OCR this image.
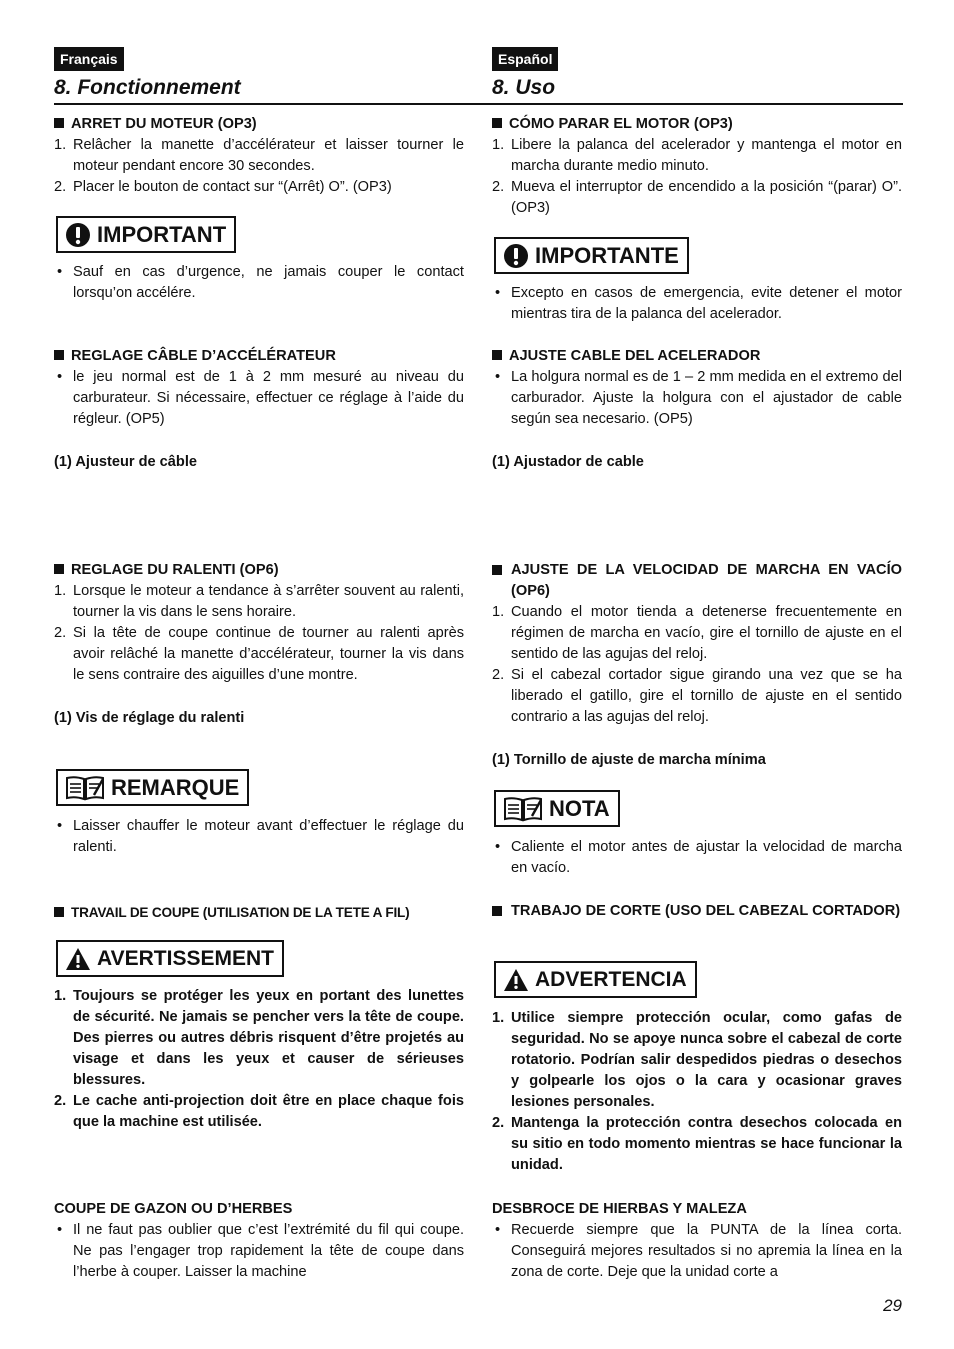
Français
8. Fonctionnement
ARRET DU MOTEUR (OP3)
1. Relâcher la manette d’accélérateur et laisser tourner le moteur pendant encore 30 secondes.
2. Placer le bouton de contact sur “(Arrêt) O”. (OP3)
IMPORTANT
• Sauf en cas d’urgence, ne jamais couper le contact lorsqu’on accélére.
REGLAGE CÂBLE D’ACCÉLÉRATEUR
• le jeu normal est de 1 à 2 mm mesuré au niveau du carburateur. Si nécessaire, effectuer ce réglage à l’aide du régleur. (OP5)
(1) Ajusteur de câble
REGLAGE DU RALENTI (OP6)
1. Lorsque le moteur a tendance à s’arrêter souvent au ralenti, tourner la vis dans le sens horaire.
2. Si la tête de coupe continue de tourner au ralenti après avoir relâché la manette d’accélérateur, tourner la vis dans le sens contraire des aiguilles d’une montre.
(1) Vis de réglage du ralenti
REMARQUE
• Laisser chauffer le moteur avant d’effectuer le réglage du ralenti.
TRAVAIL DE COUPE (UTILISATION DE LA TETE A FIL)
AVERTISSEMENT
1. Toujours se protéger les yeux en portant des lunettes de sécurité. Ne jamais se pencher vers la tête de coupe. Des pierres ou autres débris risquent d’être projetés au visage et dans les yeux et causer de sérieuses blessures.
2. Le cache anti-projection doit être en place chaque fois que la machine est utilisée.
COUPE DE GAZON OU D’HERBES
• Il ne faut pas oublier que c’est l’extrémité du fil qui coupe. Ne pas l’engager trop rapidement la tête de coupe dans l’herbe à couper. Laisser la machine
Español
8. Uso
CÓMO PARAR EL MOTOR (OP3)
1. Libere la palanca del acelerador y mantenga el motor en marcha durante medio minuto.
2. Mueva el interruptor de encendido a la posición “(parar) O”. (OP3)
IMPORTANTE
• Excepto en casos de emergencia, evite detener el motor mientras tira de la palanca del acelerador.
AJUSTE CABLE DEL ACELERADOR
• La holgura normal es de 1 – 2 mm medida en el extremo del carburador. Ajuste la holgura con el ajustador de cable según sea necesario. (OP5)
(1) Ajustador de cable
AJUSTE DE LA VELOCIDAD DE MARCHA EN VACÍO (OP6)
1. Cuando el motor tienda a detenerse frecuentemente en régimen de marcha en vacío, gire el tornillo de ajuste en el sentido de las agujas del reloj.
2. Si el cabezal cortador sigue girando una vez que se ha liberado el gatillo, gire el tornillo de ajuste en el sentido contrario a las agujas del reloj.
(1) Tornillo de ajuste de marcha mínima
NOTA
• Caliente el motor antes de ajustar la velocidad de marcha en vacío.
TRABAJO DE CORTE (USO DEL CABEZAL CORTADOR)
ADVERTENCIA
1. Utilice siempre protección ocular, como gafas de seguridad. No se apoye nunca sobre el cabezal de corte rotatorio. Podrían salir despedidos piedras o desechos y golpearle los ojos o la cara y ocasionar graves lesiones personales.
2. Mantenga la protección contra desechos colocada en su sitio en todo momento mientras se hace funcionar la unidad.
DESBROCE DE HIERBAS Y MALEZA
• Recuerde siempre que la PUNTA de la línea corta. Conseguirá mejores resultados si no apremia la línea en la zona de corte. Deje que la unidad corte a
29
